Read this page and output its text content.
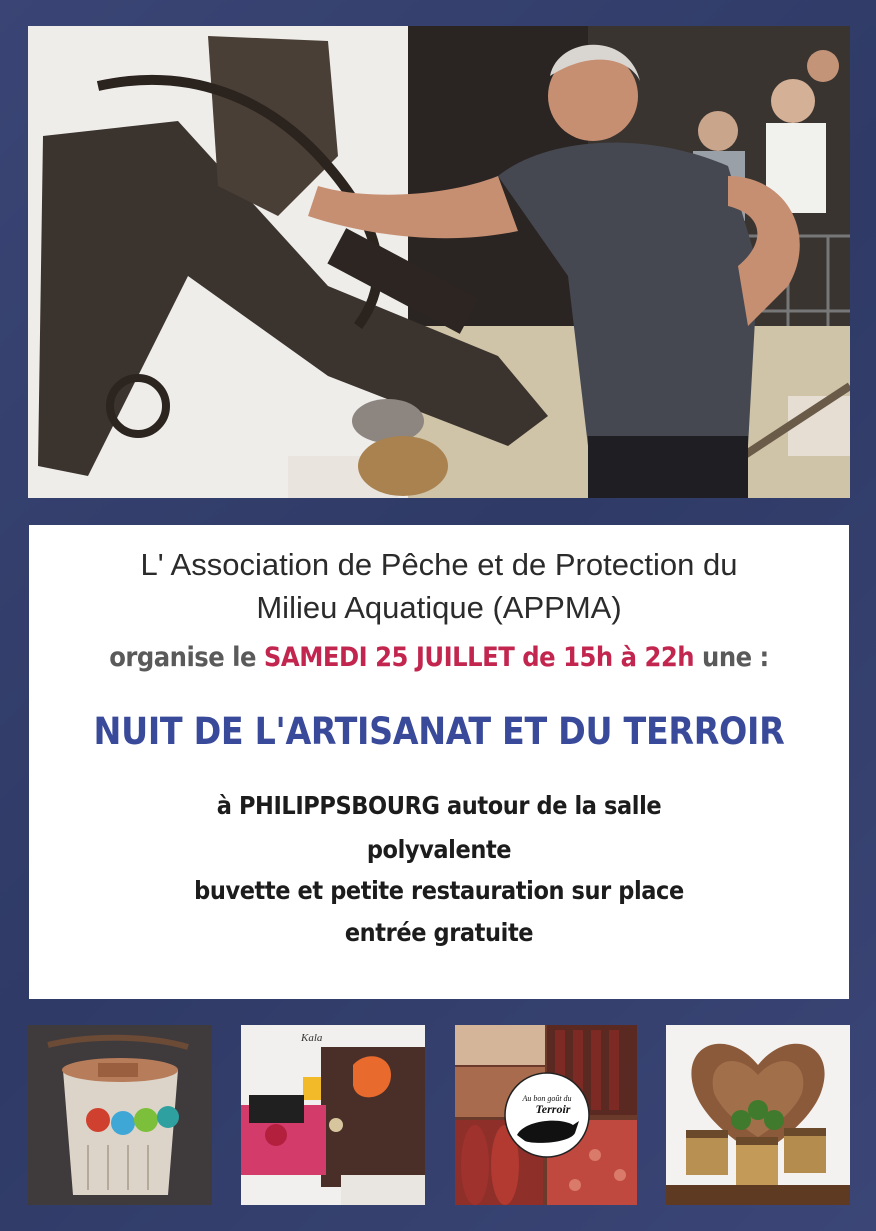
L' Association de Pêche et de Protection du
Milieu Aquatique (APPMA)
organise le SAMEDI 25 JUILLET de 15h à 22h une :
NUIT DE L'ARTISANAT ET DU TERROIR
à PHILIPPSBOURG autour de la salle
polyvalente
buvette et petite restauration sur place
entrée gratuite
Kala
Au bon goût du
Terroir
